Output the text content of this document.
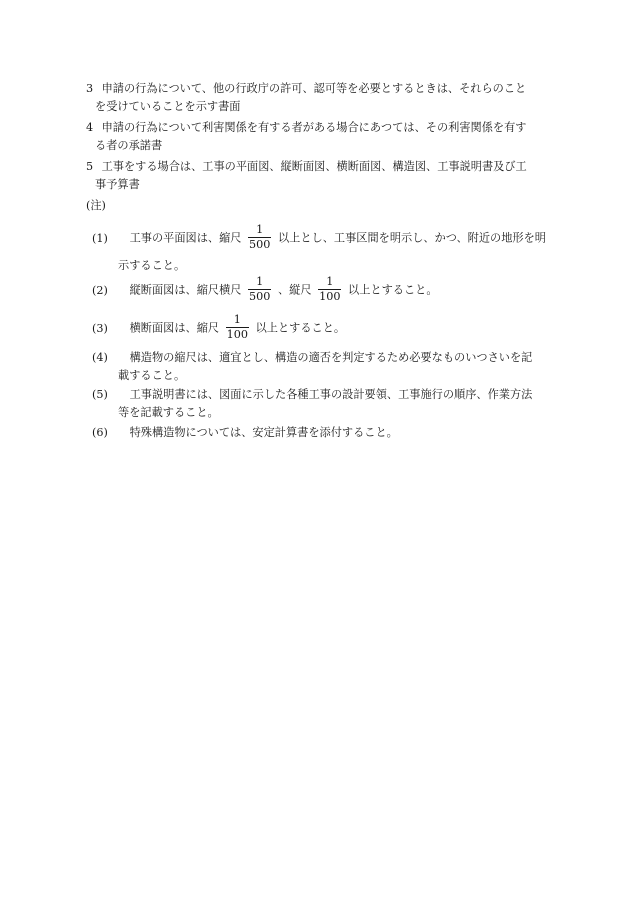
3 申請の行為について、他の行政庁の許可、認可等を必要とするときは、それらのこと
を受けていることを示す書面
4 申請の行為について利害関係を有する者がある場合にあつては、その利害関係を有す
る者の承諾書
5 工事をする場合は、工事の平面図、縦断面図、横断面図、構造図、工事説明書及び工
事予算書
(注)
(1) 工事の平面図は、縮尺 $\frac{1}{500}$ 以上とし、工事区間を明示し、かつ、附近の地形を明
示すること。
(2) 縦断面図は、縮尺横尺 $\frac{1}{500}$ 、縦尺 $\frac{1}{100}$ 以上とすること。
(3) 横断面図は、縮尺 $\frac{1}{100}$ 以上とすること。
(4) 構造物の縮尺は、適宜とし、構造の適否を判定するため必要なものいつさいを記
載すること。
(5) 工事説明書には、図面に示した各種工事の設計要領、工事施行の順序、作業方法
等を記載すること。
(6) 特殊構造物については、安定計算書を添付すること。
